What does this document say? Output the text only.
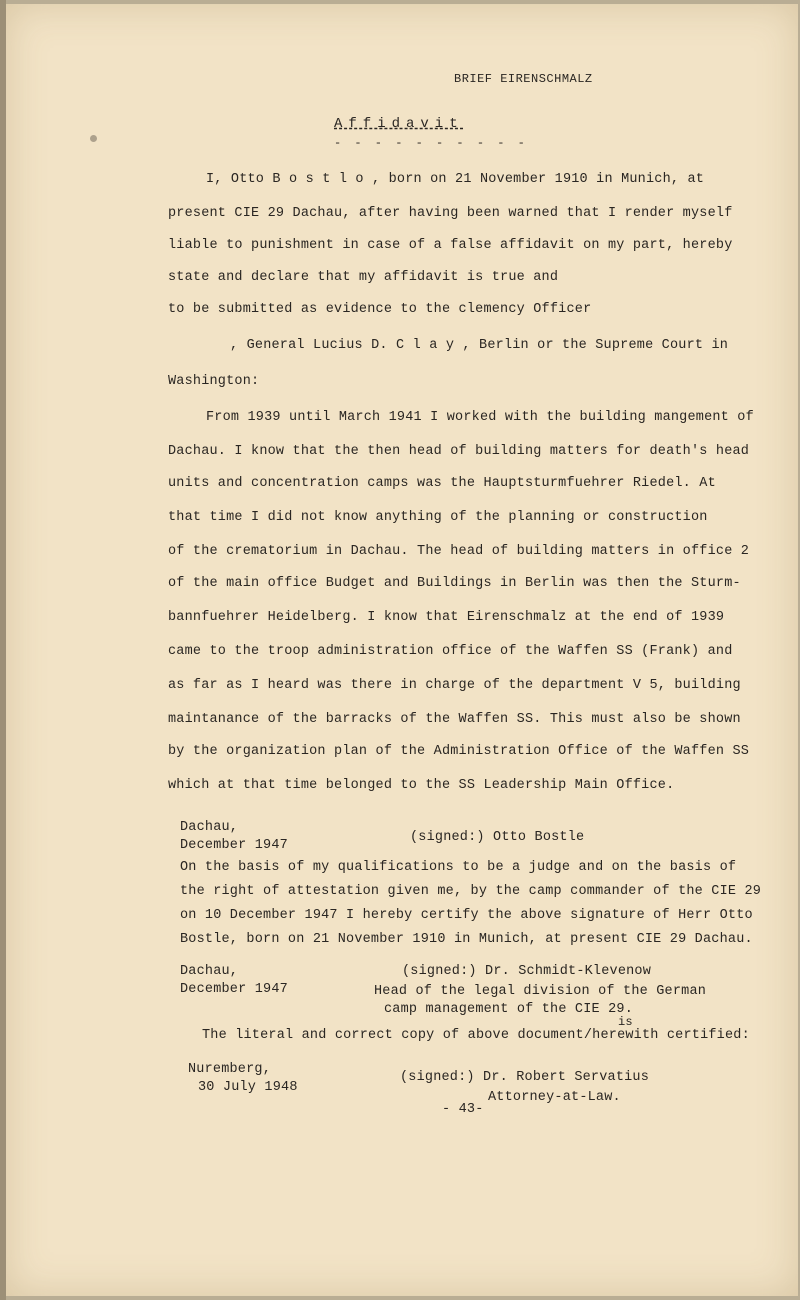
BRIEF EIRENSCHMALZ
Affidavit
- - - - - - - - - -
I, Otto B o s t l o , born on 21 November 1910 in Munich, at
present CIE 29 Dachau, after having been warned that I render myself
liable to punishment in case of a false affidavit on my part, hereby
state and declare that my affidavit is true and
to be submitted as evidence to the clemency Officer
, General Lucius D. C l a y , Berlin or the Supreme Court in
Washington:
From 1939 until March 1941 I worked with the building mangement of
Dachau. I know that the then head of building matters for death's head
units and concentration camps was the Hauptsturmfuehrer Riedel. At
that time I did not know anything of the planning or construction
of the crematorium in Dachau. The head of building matters in office 2
of the main office Budget and Buildings in Berlin was then the Sturm-
bannfuehrer Heidelberg. I know that Eirenschmalz at the end of 1939
came to the troop administration office of the Waffen SS (Frank) and
as far as I heard was there in charge of the department V 5, building
maintanance of the barracks of the Waffen SS. This must also be shown
by the organization plan of the Administration Office of the Waffen SS
which at that time belonged to the SS Leadership Main Office.
Dachau,
December 1947
(signed:) Otto Bostle
On the basis of my qualifications to be a judge and on the basis of
the right of attestation given me, by the camp commander of the CIE 29
on 10 December 1947 I hereby certify the above signature of Herr Otto
Bostle, born on 21 November 1910 in Munich, at present CIE 29 Dachau.
Dachau,
December 1947
(signed:) Dr. Schmidt-Klevenow
Head of the legal division of the German
camp management of the CIE 29.
is
The literal and correct copy of above document/herewith certified:
Nuremberg,
30 July 1948
(signed:) Dr. Robert Servatius
Attorney-at-Law.
- 43-
